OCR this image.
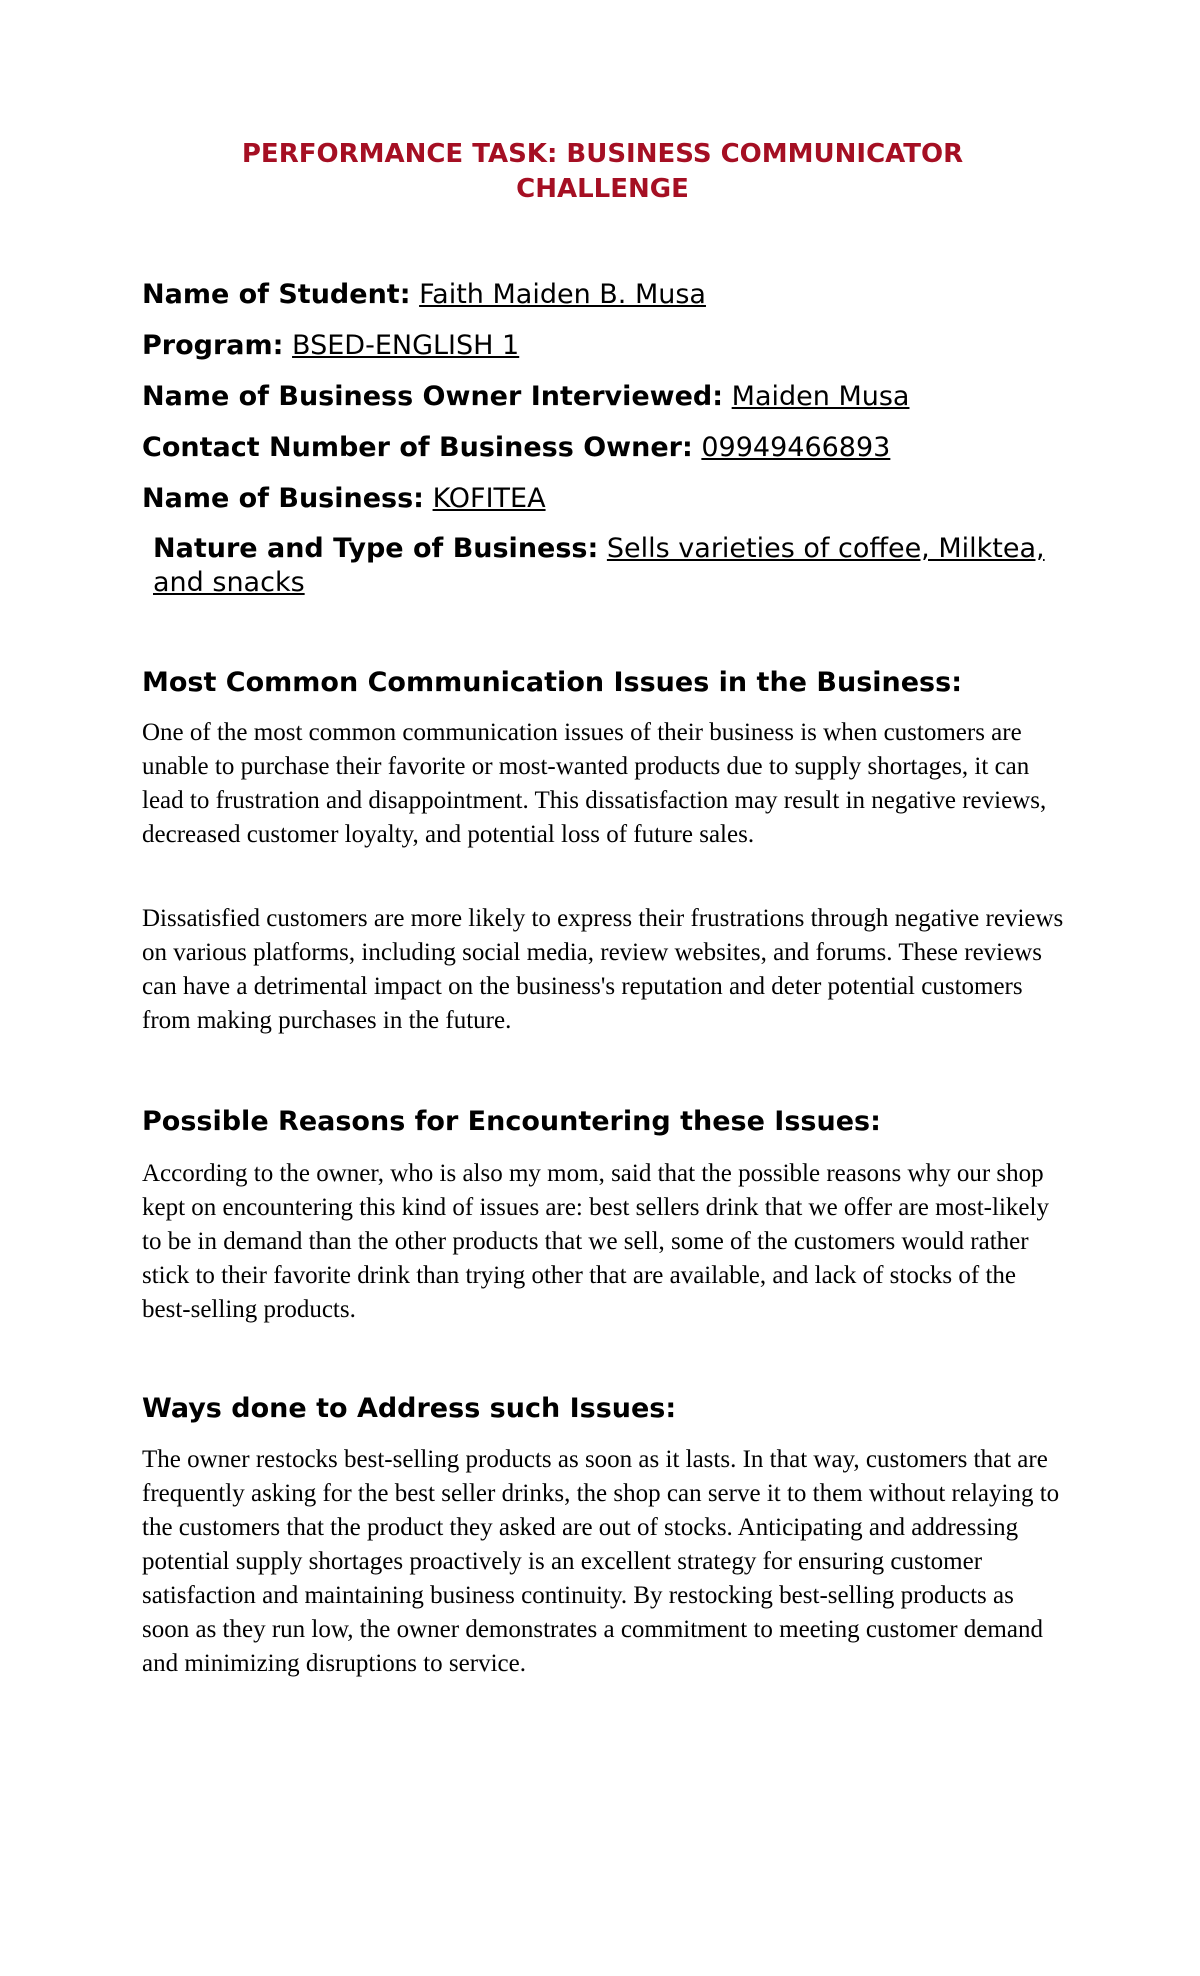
PERFORMANCE TASK: BUSINESS COMMUNICATOR CHALLENGE

Name of Student: Faith Maiden B. Musa

Program: BSED-ENGLISH 1

Name of Business Owner Interviewed: Maiden Musa

Contact Number of Business Owner: 09949466893

Name of Business: KOFITEA

Nature and Type of Business: Sells varieties of coffee, Milktea, and snacks

Most Common Communication Issues in the Business:

One of the most common communication issues of their business is when customers are unable to purchase their favorite or most-wanted products due to supply shortages, it can lead to frustration and disappointment. This dissatisfaction may result in negative reviews, decreased customer loyalty, and potential loss of future sales.

Dissatisfied customers are more likely to express their frustrations through negative reviews on various platforms, including social media, review websites, and forums. These reviews can have a detrimental impact on the business's reputation and deter potential customers from making purchases in the future.

Possible Reasons for Encountering these Issues:

According to the owner, who is also my mom, said that the possible reasons why our shop kept on encountering this kind of issues are: best sellers drink that we offer are most-likely to be in demand than the other products that we sell, some of the customers would rather stick to their favorite drink than trying other that are available, and lack of stocks of the best-selling products.

Ways done to Address such Issues:

The owner restocks best-selling products as soon as it lasts. In that way, customers that are frequently asking for the best seller drinks, the shop can serve it to them without relaying to the customers that the product they asked are out of stocks. Anticipating and addressing potential supply shortages proactively is an excellent strategy for ensuring customer satisfaction and maintaining business continuity. By restocking best-selling products as soon as they run low, the owner demonstrates a commitment to meeting customer demand and minimizing disruptions to service.
